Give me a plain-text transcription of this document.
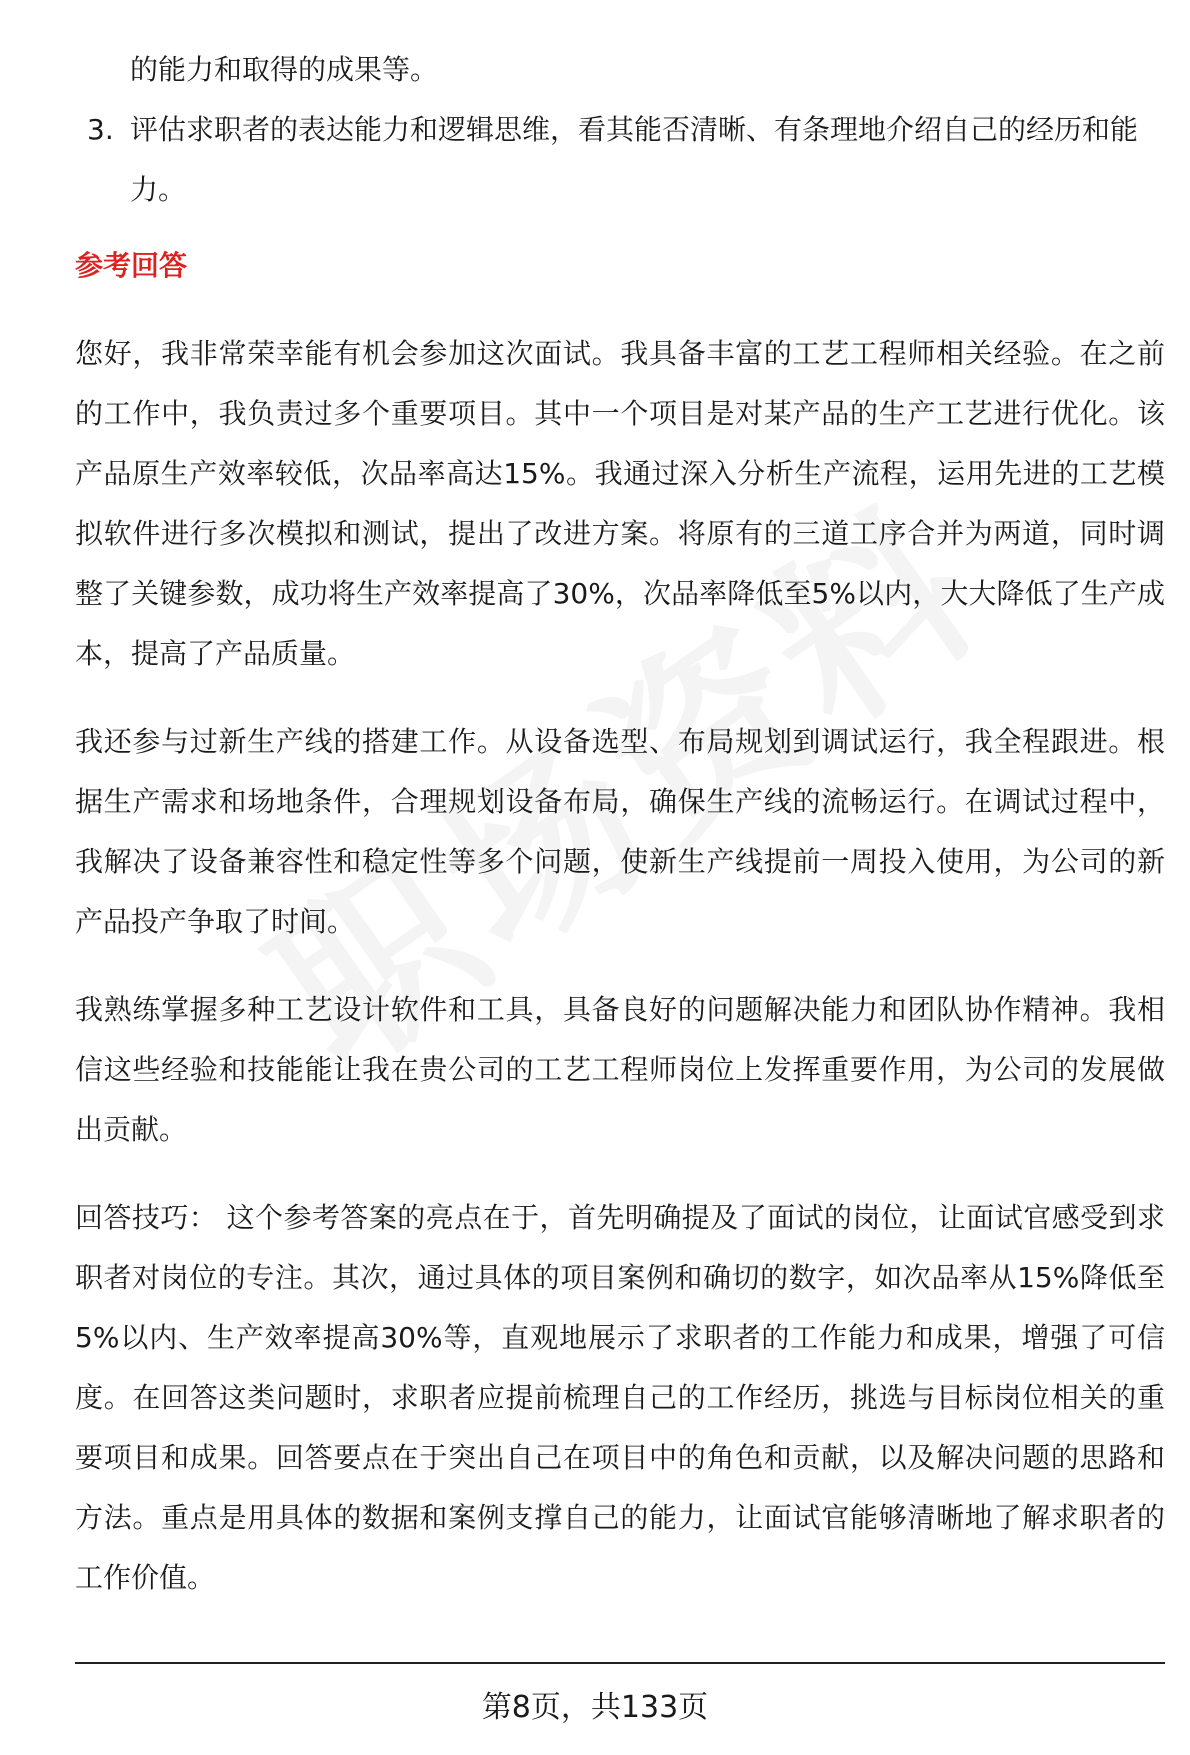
的能力和取得的成果等。
3. 评估求职者的表达能力和逻辑思维，看其能否清晰、有条理地介绍自己的经历和能力。
参考回答
您好，我非常荣幸能有机会参加这次面试。我具备丰富的工艺工程师相关经验。在之前的工作中，我负责过多个重要项目。其中一个项目是对某产品的生产工艺进行优化。该产品原生产效率较低，次品率高达15%。我通过深入分析生产流程，运用先进的工艺模拟软件进行多次模拟和测试，提出了改进方案。将原有的三道工序合并为两道，同时调整了关键参数，成功将生产效率提高了30%，次品率降低至5%以内，大大降低了生产成本，提高了产品质量。
我还参与过新生产线的搭建工作。从设备选型、布局规划到调试运行，我全程跟进。根据生产需求和场地条件，合理规划设备布局，确保生产线的流畅运行。在调试过程中，我解决了设备兼容性和稳定性等多个问题，使新生产线提前一周投入使用，为公司的新产品投产争取了时间。
我熟练掌握多种工艺设计软件和工具，具备良好的问题解决能力和团队协作精神。我相信这些经验和技能能让我在贵公司的工艺工程师岗位上发挥重要作用，为公司的发展做出贡献。
回答技巧： 这个参考答案的亮点在于，首先明确提及了面试的岗位，让面试官感受到求职者对岗位的专注。其次，通过具体的项目案例和确切的数字，如次品率从15%降低至5%以内、生产效率提高30%等，直观地展示了求职者的工作能力和成果，增强了可信度。在回答这类问题时，求职者应提前梳理自己的工作经历，挑选与目标岗位相关的重要项目和成果。回答要点在于突出自己在项目中的角色和贡献，以及解决问题的思路和方法。重点是用具体的数据和案例支撑自己的能力，让面试官能够清晰地了解求职者的工作价值。
第8页，共133页
